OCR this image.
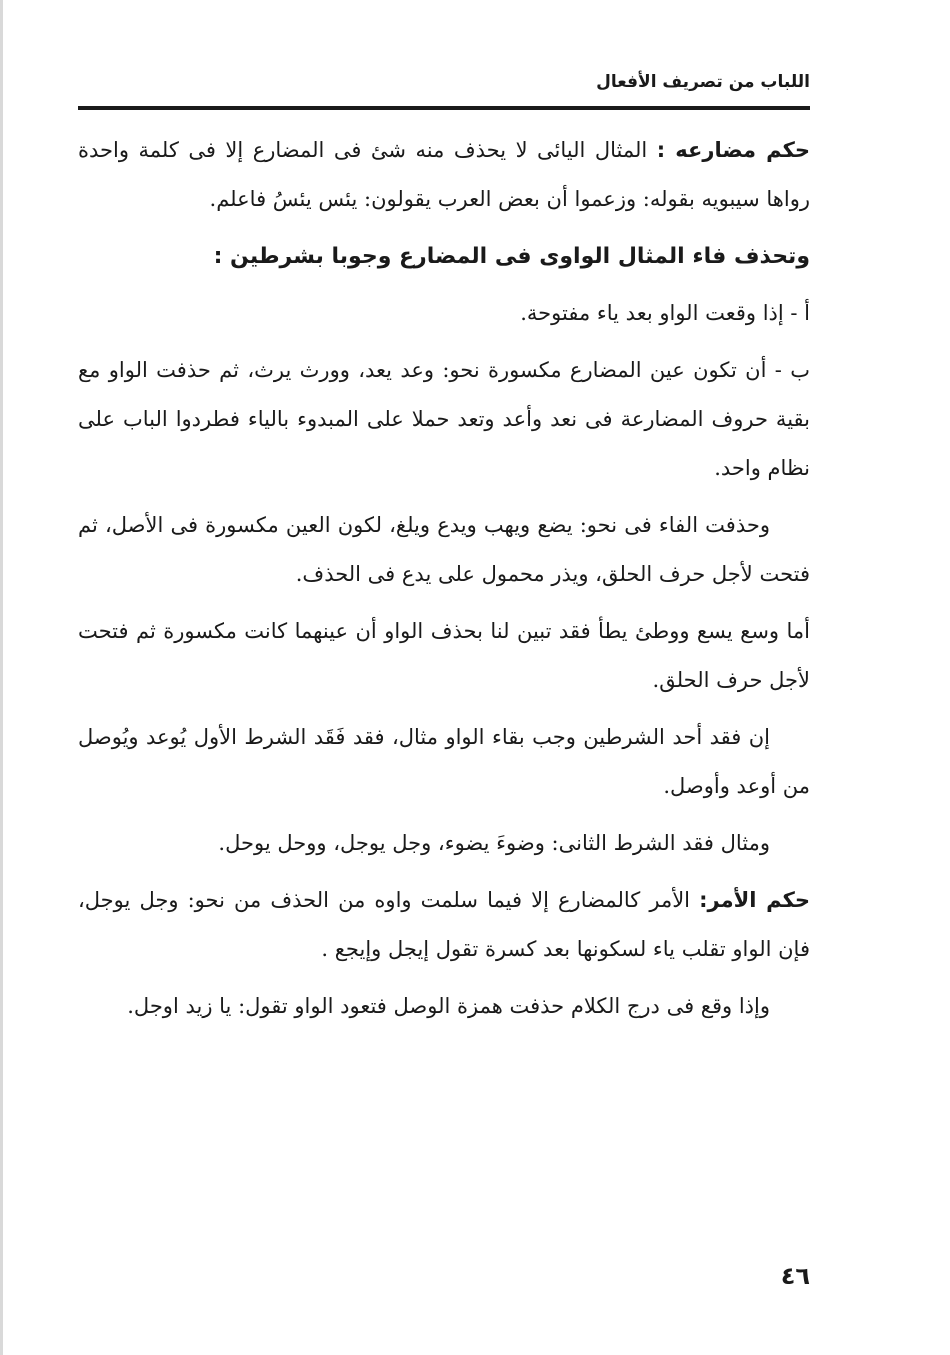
اللباب من تصريف الأفعال

حكم مضارعه : المثال اليائى لا يحذف منه شئ فى المضارع إلا فى كلمة واحدة رواها سيبويه بقوله: وزعموا أن بعض العرب يقولون: يئس يئسُ فاعلم.

وتحذف فاء المثال الواوى فى المضارع وجوبا بشرطين :

أ - إذا وقعت الواو بعد ياء مفتوحة.

ب - أن تكون عين المضارع مكسورة نحو: وعد يعد، وورث يرث، ثم حذفت الواو مع بقية حروف المضارعة فى نعد وأعد وتعد حملا على المبدوء بالياء فطردوا الباب على نظام واحد.

وحذفت الفاء فى نحو: يضع ويهب ويدع ويلغ، لكون العين مكسورة فى الأصل، ثم فتحت لأجل حرف الحلق، ويذر محمول على يدع فى الحذف.

أما وسع يسع ووطئ يطأ فقد تبين لنا بحذف الواو أن عينهما كانت مكسورة ثم فتحت لأجل حرف الحلق.

إن فقد أحد الشرطين وجب بقاء الواو مثال، فقد فَقَد الشرط الأول يُوعد ويُوصل من أوعد وأوصل.

ومثال فقد الشرط الثانى: وضوءَ يضوء، وجل يوجل، ووحل يوحل.

حكم الأمر: الأمر كالمضارع إلا فيما سلمت واوه من الحذف من نحو: وجل يوجل، فإن الواو تقلب ياء لسكونها بعد كسرة تقول إيجل وإيجع .

وإذا وقع فى درج الكلام حذفت همزة الوصل فتعود الواو تقول: يا زيد اوجل.

٤٦
